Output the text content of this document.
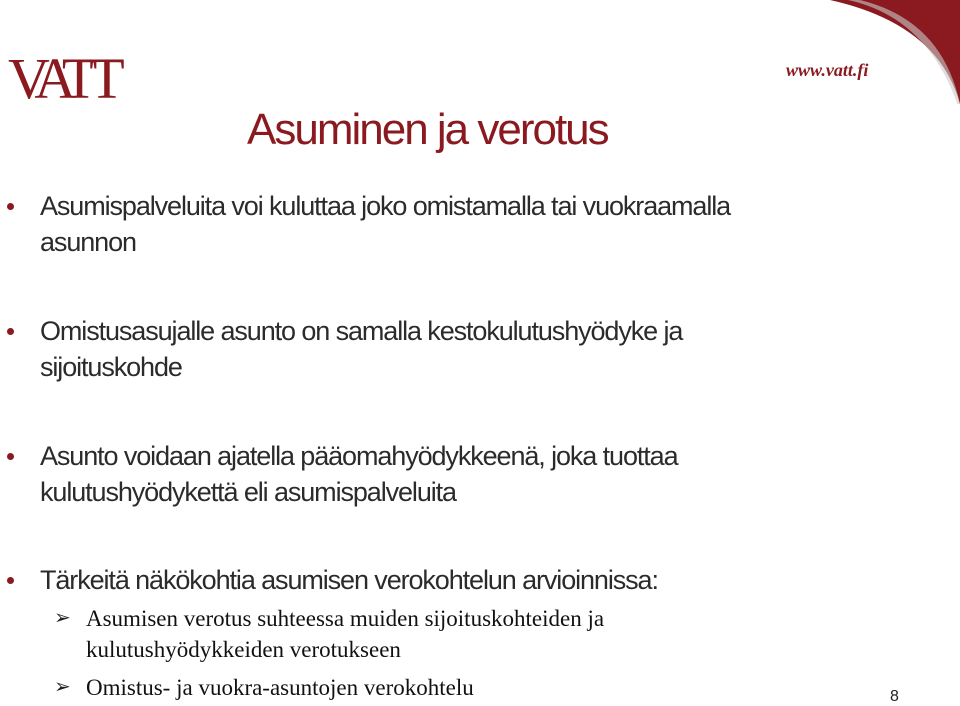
VATT	www.vatt.fi
Asuminen ja verotus
Asumispalveluita voi kuluttaa joko omistamalla tai vuokraamalla
asunnon
Omistusasujalle asunto on samalla kestokulutushyödyke ja
sijoituskohde
Asunto voidaan ajatella pääomahyödykkeenä, joka tuottaa
kulutushyödykettä eli asumispalveluita
Tärkeitä näkökohtia asumisen verokohtelun arvioinnissa:
➢ Asumisen verotus suhteessa muiden sijoituskohteiden ja
kulutushyödykkeiden verotukseen
➢ Omistus- ja vuokra-asuntojen verokohtelu	8
